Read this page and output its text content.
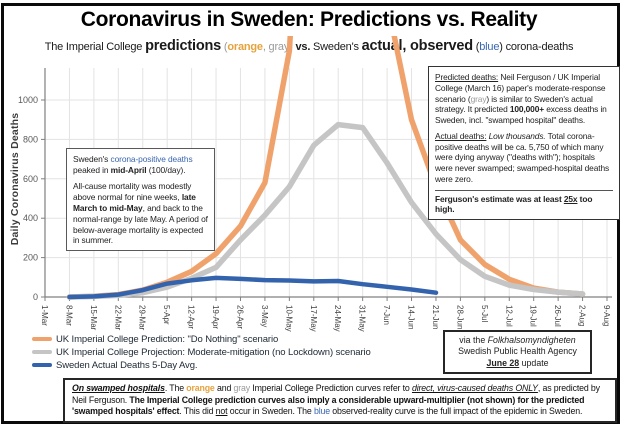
Coronavirus in Sweden: Predictions vs. Reality
The Imperial College predictions (orange, gray) vs. Sweden's actual, observed (blue) corona-deaths
Daily Coronavirus Deaths
0
200
400
600
800
1000
1-Mar 8-Mar 15-Mar 22-Mar 29-Mar 5-Apr 12-Apr 19-Apr 26-Apr 3-May 10-May 17-May 24-May 31-May 7-Jun 14-Jun 21-Jun 28-Jun 5-Jul 12-Jul 19-Jul 26-Jul 2-Aug 9-Aug

Sweden's corona-positive deaths peaked in mid-April (100/day).

All-cause mortality was modestly above normal for nine weeks, late March to mid-May, and back to the normal-range by late May. A period of below-average mortality is expected in summer.

Predicted deaths: Neil Ferguson / UK Imperial College (March 16) paper's moderate-response scenario (gray) is similar to Sweden's actual strategy. It predicted 100,000+ excess deaths in Sweden, incl. "swamped hospital" deaths.

Actual deaths: Low thousands. Total corona-positive deaths will be ca. 5,750 of which many were dying anyway ("deaths with"); hospitals were never swamped; swamped-hospital deaths were zero.

Ferguson's estimate was at least 25x too high.

UK Imperial College Prediction: "Do Nothing" scenario
UK Imperial College Projection: Moderate-mitigation (no Lockdown) scenario
Sweden Actual Deaths 5-Day Avg.
via the Folkhalsomyndigheten
Swedish Public Health Agency
June 28 update
On swamped hospitals. The orange and gray Imperial College Prediction curves refer to direct, virus-caused deaths ONLY, as predicted by Neil Ferguson. The Imperial College prediction curves also imply a considerable upward-multiplier (not shown) for the predicted 'swamped hospitals' effect. This did not occur in Sweden. The blue observed-reality curve is the full impact of the epidemic in Sweden.
